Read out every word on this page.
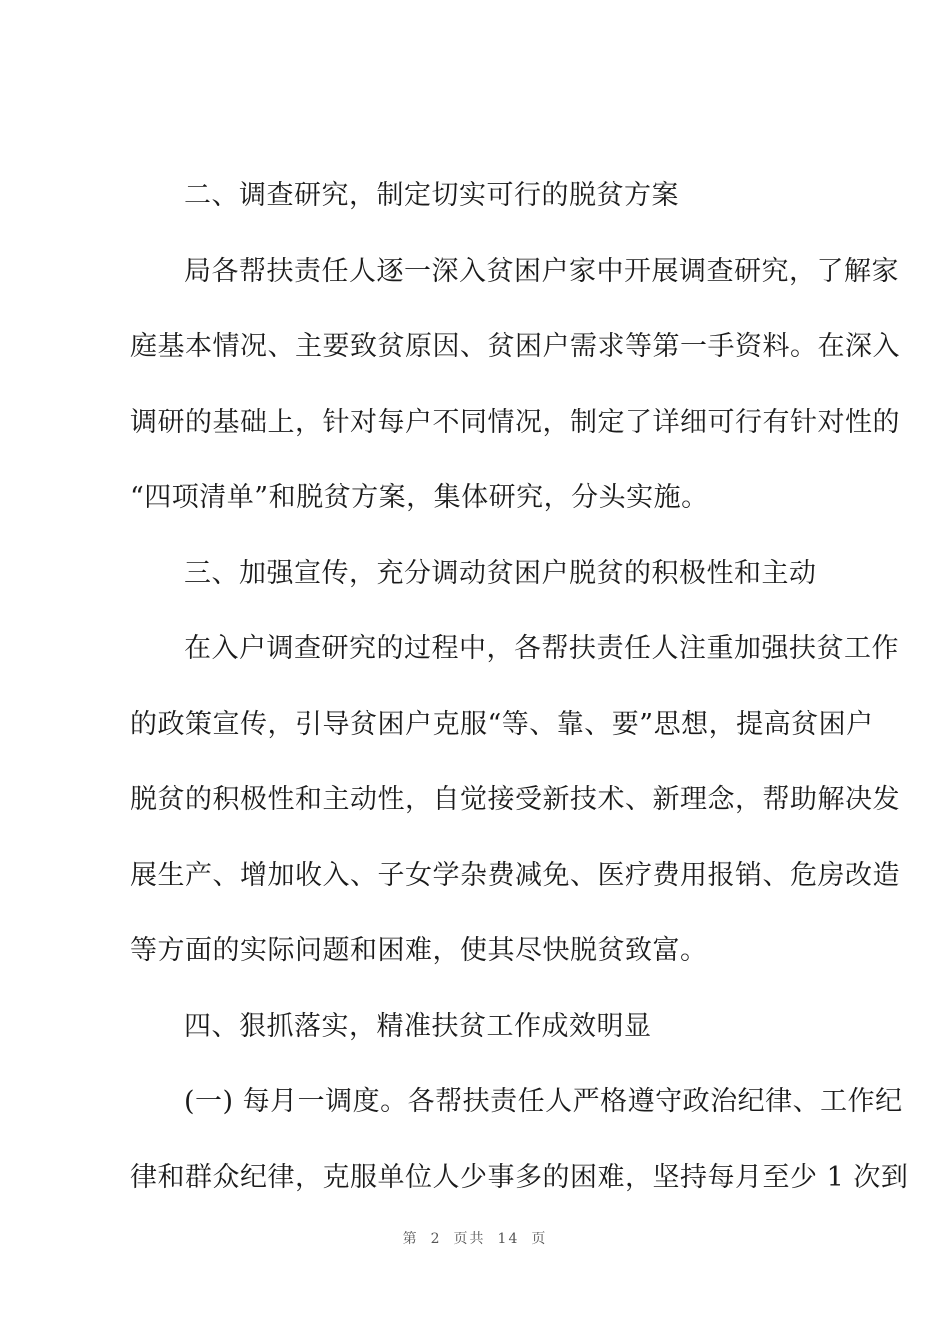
二、调查研究，制定切实可行的脱贫方案
局各帮扶责任人逐一深入贫困户家中开展调查研究，了解家
庭基本情况、主要致贫原因、贫困户需求等第一手资料。在深入
调研的基础上，针对每户不同情况，制定了详细可行有针对性的
“四项清单”和脱贫方案，集体研究，分头实施。
三、加强宣传，充分调动贫困户脱贫的积极性和主动
在入户调查研究的过程中，各帮扶责任人注重加强扶贫工作
的政策宣传，引导贫困户克服“等、靠、要”思想，提高贫困户
脱贫的积极性和主动性，自觉接受新技术、新理念，帮助解决发
展生产、增加收入、子女学杂费减免、医疗费用报销、危房改造
等方面的实际问题和困难，使其尽快脱贫致富。
四、狠抓落实，精准扶贫工作成效明显
(一) 每月一调度。各帮扶责任人严格遵守政治纪律、工作纪
律和群众纪律，克服单位人少事多的困难，坚持每月至少 1 次到
第 2 页共 14 页
